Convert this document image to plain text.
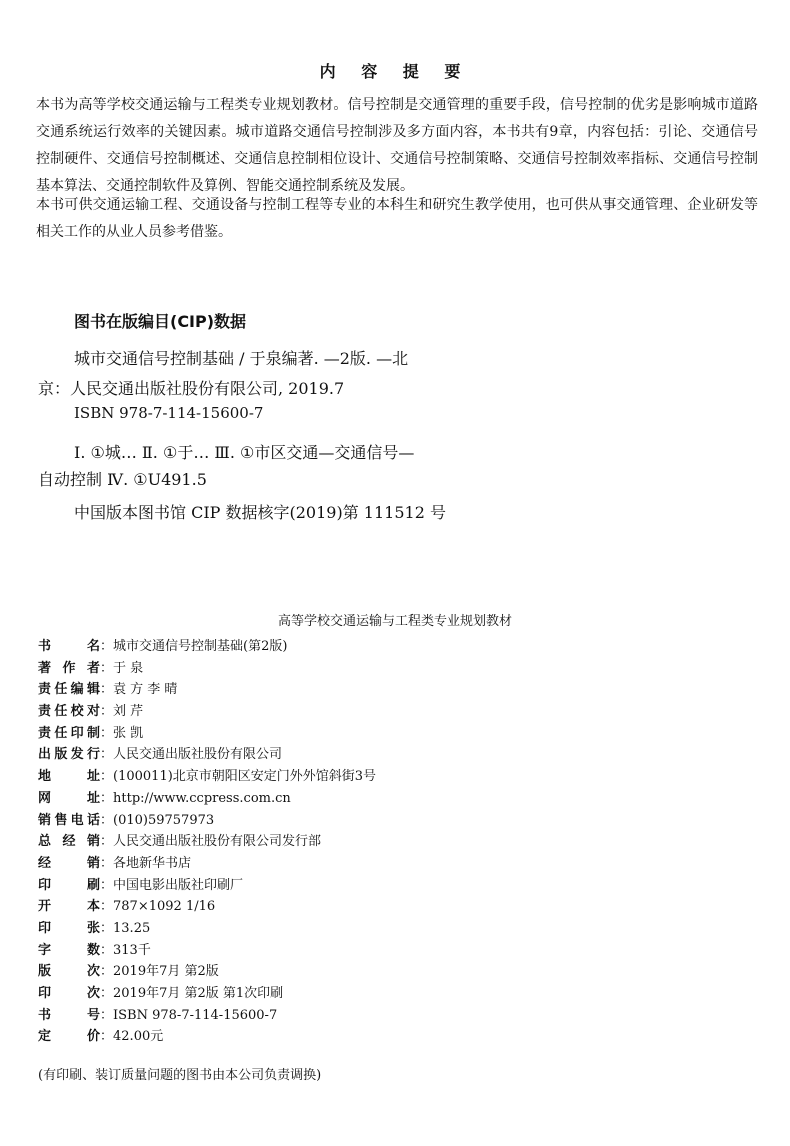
内 容 提 要
本书为高等学校交通运输与工程类专业规划教材。信号控制是交通管理的重要手段，信号控制的优劣是影响城市道路交通系统运行效率的关键因素。城市道路交通信号控制涉及多方面内容，本书共有9章，内容包括：引论、交通信号控制硬件、交通信号控制概述、交通信息控制相位设计、交通信号控制策略、交通信号控制效率指标、交通信号控制基本算法、交通控制软件及算例、智能交通控制系统及发展。
本书可供交通运输工程、交通设备与控制工程等专业的本科生和研究生教学使用，也可供从事交通管理、企业研发等相关工作的从业人员参考借鉴。
图书在版编目(CIP)数据
城市交通信号控制基础 / 于泉编著. —2版. —北
京：人民交通出版社股份有限公司, 2019.7
ISBN 978-7-114-15600-7
Ⅰ. ①城… Ⅱ. ①于… Ⅲ. ①市区交通—交通信号—
自动控制 Ⅳ. ①U491.5
中国版本图书馆 CIP 数据核字(2019)第 111512 号
高等学校交通运输与工程类专业规划教材
书名：城市交通信号控制基础(第2版)
著作者：于 泉
责任编辑：袁 方 李 晴
责任校对：刘 芹
责任印制：张 凯
出版发行：人民交通出版社股份有限公司
地址：(100011)北京市朝阳区安定门外外馆斜街3号
网址：http://www.ccpress.com.cn
销售电话：(010)59757973
总经销：人民交通出版社股份有限公司发行部
经销：各地新华书店
印刷：中国电影出版社印刷厂
开本：787×1092 1/16
印张：13.25
字数：313千
版次：2019年7月 第2版
印次：2019年7月 第2版 第1次印刷
书号：ISBN 978-7-114-15600-7
定价：42.00元
(有印刷、装订质量问题的图书由本公司负责调换)
